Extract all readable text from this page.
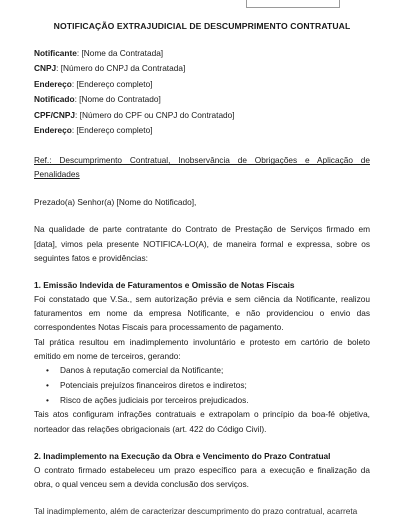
NOTIFICAÇÃO EXTRAJUDICIAL DE DESCUMPRIMENTO CONTRATUAL
Notificante: [Nome da Contratada]
CNPJ: [Número do CNPJ da Contratada]
Endereço: [Endereço completo]
Notificado: [Nome do Contratado]
CPF/CNPJ: [Número do CPF ou CNPJ do Contratado]
Endereço: [Endereço completo]
Ref.: Descumprimento Contratual, Inobservância de Obrigações e Aplicação de Penalidades
Prezado(a) Senhor(a) [Nome do Notificado],

Na qualidade de parte contratante do Contrato de Prestação de Serviços firmado em [data], vimos pela presente NOTIFICA-LO(A), de maneira formal e expressa, sobre os seguintes fatos e providências:

1. Emissão Indevida de Faturamentos e Omissão de Notas Fiscais

Foi constatado que V.Sa., sem autorização prévia e sem ciência da Notificante, realizou faturamentos em nome da empresa Notificante, e não providenciou o envio das correspondentes Notas Fiscais para processamento de pagamento.

Tal prática resultou em inadimplemento involuntário e protesto em cartório de boleto emitido em nome de terceiros, gerando:

• Danos à reputação comercial da Notificante;
• Potenciais prejuízos financeiros diretos e indiretos;
• Risco de ações judiciais por terceiros prejudicados.

Tais atos configuram infrações contratuais e extrapolam o princípio da boa-fé objetiva, norteador das relações obrigacionais (art. 422 do Código Civil).

2. Inadimplemento na Execução da Obra e Vencimento do Prazo Contratual

O contrato firmado estabeleceu um prazo específico para a execução e finalização da obra, o qual venceu sem a devida conclusão dos serviços.

Tal inadimplemento, além de caracterizar descumprimento do prazo contratual, acarreta
